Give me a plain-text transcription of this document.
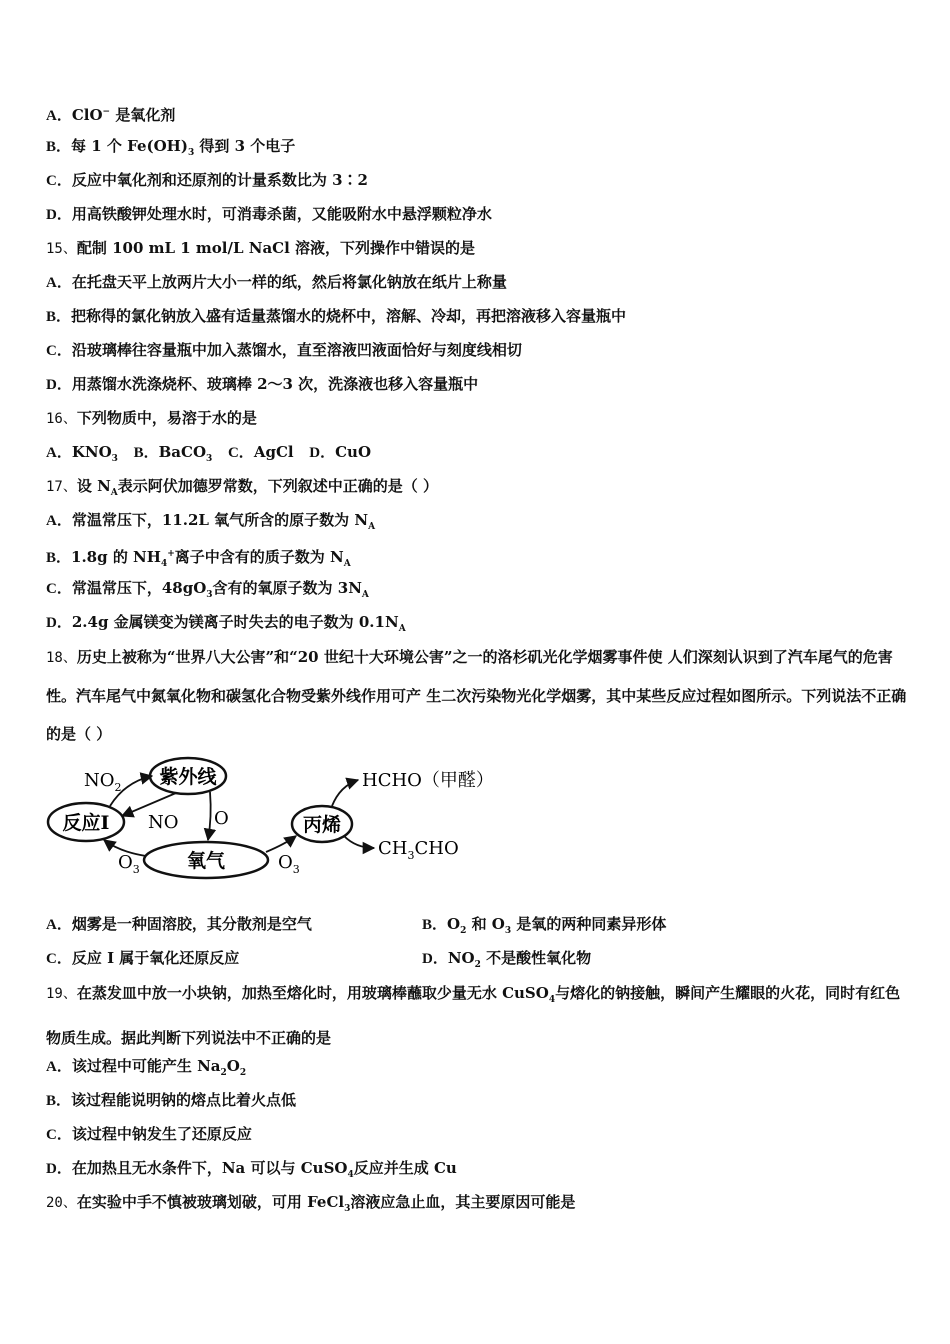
A．ClO− 是氧化剂
B．每 1 个 $Fe(OH)_3$ 得到 3 个电子
C．反应中氧化剂和还原剂的计量系数比为 3∶2
D．用高铁酸钾处理水时，可消毒杀菌，又能吸附水中悬浮颗粒净水
15、配制 100 mL 1 mol/L NaCl 溶液，下列操作中错误的是
A．在托盘天平上放两片大小一样的纸，然后将氯化钠放在纸片上称量
B．把称得的氯化钠放入盛有适量蒸馏水的烧杯中，溶解、冷却，再把溶液移入容量瓶中
C．沿玻璃棒往容量瓶中加入蒸馏水，直至溶液凹液面恰好与刻度线相切
D．用蒸馏水洗涤烧杯、玻璃棒 2～3 次，洗涤液也移入容量瓶中
16、下列物质中，易溶于水的是
A．$KNO_3$ B．BaCO$_3$ C．AgCl D．CuO
17、设 $N_A$表示阿伏加德罗常数，下列叙述中正确的是（ ）
A．常温常压下，11.2L 氧气所含的原子数为 $N_A$
B．1.8g 的 $NH_4^+$离子中含有的质子数为 $N_A$
C．常温常压下，$48gO_3$含有的氧原子数为 $3N_A$
D．2.4g 金属镁变为镁离子时失去的电子数为 $0.1N_A$
18、历史上被称为“世界八大公害”和“20 世纪十大环境公害”之一的洛杉矶光化学烟雾事件使 人们深刻认识到了汽车尾气的危害性。汽车尾气中氮氧化物和碳氢化合物受紫外线作用可产 生二次污染物光化学烟雾，其中某些反应过程如图所示。下列说法不正确的是（ ）
$NO_2$ 紫外线
反应I NO O
氧气
$O_3$	$O_3$
丙烯
HCHO（甲醛）
$CH_3CHO$
A．烟雾是一种固溶胶，其分散剂是空气	B．$O_2$ 和 $O_3$ 是氧的两种同素异形体
C．反应 I 属于氧化还原反应	D．$NO_2$ 不是酸性氧化物
19、在蒸发皿中放一小块钠，加热至熔化时，用玻璃棒蘸取少量无水 CuSO$_4$与熔化的钠接触，瞬间产生耀眼的火花，同时有红色物质生成。据此判断下列说法中不正确的是
A．该过程中可能产生 $Na_2O_2$
B．该过程能说明钠的熔点比着火点低
C．该过程中钠发生了还原反应
D．在加热且无水条件下，Na 可以与 CuSO$_4$反应并生成 Cu
20、在实验中手不慎被玻璃划破，可用 FeCl$_3$溶液应急止血，其主要原因可能是
